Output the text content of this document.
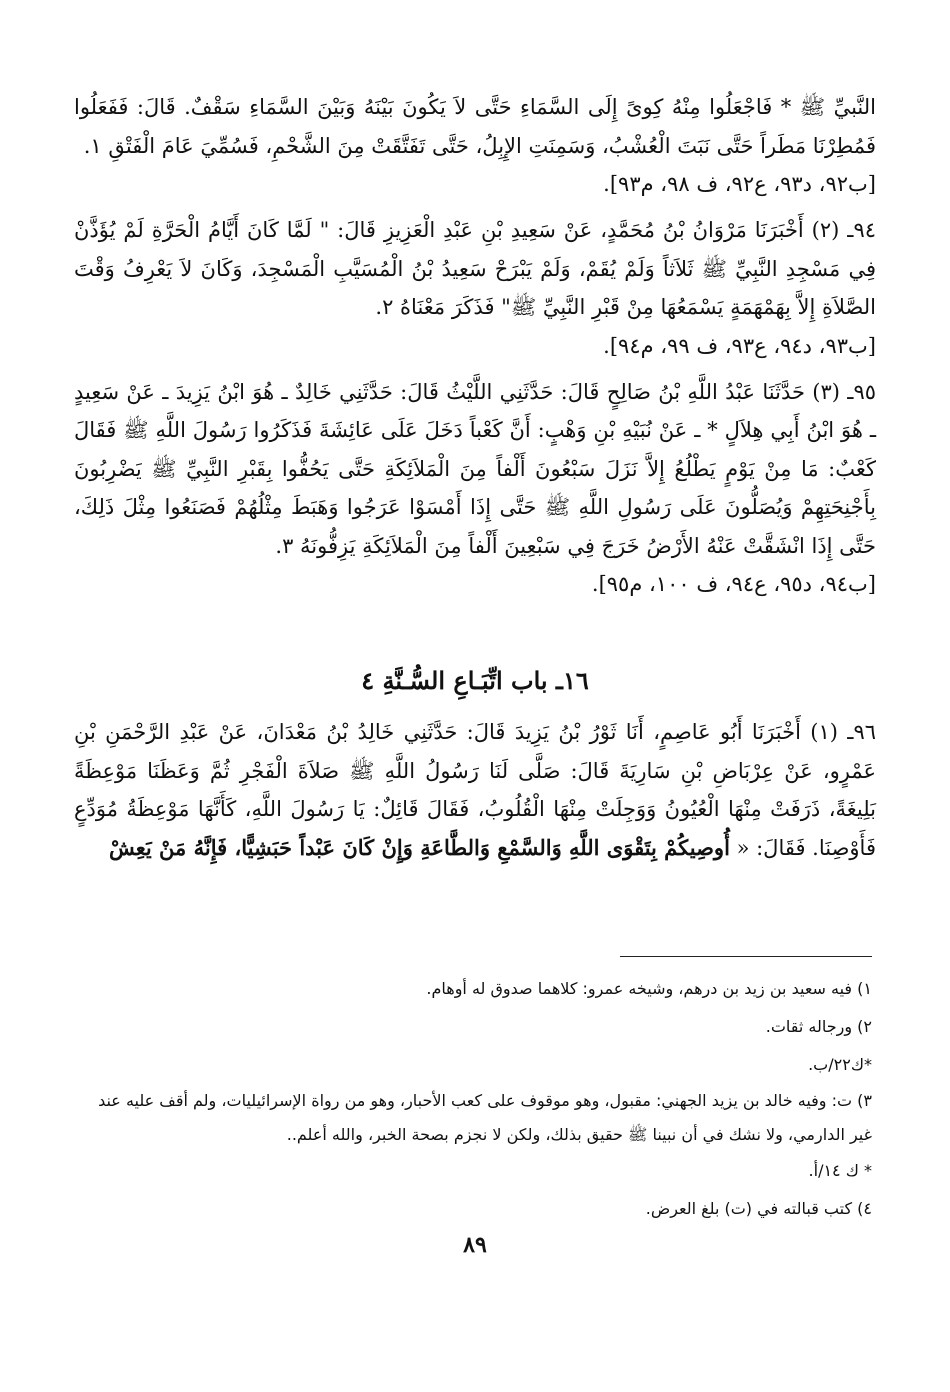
النَّبيِّ ﷺ * فَاجْعَلُوا مِنْهُ كِوىً إِلَى السَّمَاءِ حَتَّى لاَ يَكُونَ بَيْنَهُ وَبَيْنَ السَّمَاءِ سَقْفٌ. قَالَ: فَفَعَلُوا فَمُطِرْنَا مَطَراً حَتَّى نَبَتَ الْعُشْبُ، وَسَمِنَتِ الإِبِلُ، حَتَّى تَفَتَّقَتْ مِنَ الشَّحْمِ، فَسُمِّيَ عَامَ الْفَتْقِ ١.

[ب٩٢، د٩٣، ع٩٢، ف ٩٨، م٩٣].

٩٤ـ (٢) أَخْبَرَنَا مَرْوَانُ بْنُ مُحَمَّدٍ، عَنْ سَعِيدِ بْنِ عَبْدِ الْعَزِيزِ قَالَ: " لَمَّا كَانَ أَيَّامُ الْحَرَّةِ لَمْ يُؤَذَّنْ فِي مَسْجِدِ النَّبِيِّ ﷺ ثَلاَثاً وَلَمْ يُقَمْ، وَلَمْ يَبْرَحْ سَعِيدُ بْنُ الْمُسَيَّبِ الْمَسْجِدَ، وَكَانَ لاَ يَعْرِفُ وَقْتَ الصَّلاَةِ إِلاَّ بِهَمْهَمَةٍ يَسْمَعُهَا مِنْ قَبْرِ النَّبِيِّ ﷺ" فَذَكَرَ مَعْنَاهُ ٢.

[ب٩٣، د٩٤، ع٩٣، ف ٩٩، م٩٤].

٩٥ـ (٣) حَدَّثَنَا عَبْدُ اللَّهِ بْنُ صَالِحٍ قَالَ: حَدَّثَنِي اللَّيْثُ قَالَ: حَدَّثَنِي خَالِدٌ ـ هُوَ ابْنُ يَزِيدَ ـ عَنْ سَعِيدٍ ـ هُوَ ابْنُ أَبِي هِلاَلٍ * ـ عَنْ نُبَيْهِ بْنِ وَهْبٍ: أَنَّ كَعْباً دَخَلَ عَلَى عَائِشَةَ فَذَكَرُوا رَسُولَ اللَّهِ ﷺ فَقَالَ كَعْبٌ: مَا مِنْ يَوْمٍ يَطْلُعُ إِلاَّ نَزَلَ سَبْعُونَ أَلْفاً مِنَ الْمَلاَئِكَةِ حَتَّى يَحُفُّوا بِقَبْرِ النَّبِيِّ ﷺ يَضْرِبُونَ بِأَجْنِحَتِهِمْ وَيُصَلُّونَ عَلَى رَسُولِ اللَّهِ ﷺ حَتَّى إِذَا أَمْسَوْا عَرَجُوا وَهَبَطَ مِثْلُهُمْ فَصَنَعُوا مِثْلَ ذَلِكَ، حَتَّى إِذَا انْشَقَّتْ عَنْهُ الأَرْضُ خَرَجَ فِي سَبْعِينَ أَلْفاً مِنَ الْمَلاَئِكَةِ يَزِفُّونَهُ ٣.

[ب٩٤، د٩٥، ع٩٤، ف ١٠٠، م٩٥].

١٦ـ باب اتِّبَـاعِ السُّـنَّةِ ٤

٩٦ـ (١) أَخْبَرَنَا أَبُو عَاصِمٍ، أَنَا ثَوْرُ بْنُ يَزِيدَ قَالَ: حَدَّثَنِي خَالِدُ بْنُ مَعْدَانَ، عَنْ عَبْدِ الرَّحْمَنِ بْنِ عَمْرٍو، عَنْ عِرْبَاضِ بْنِ سَارِيَةَ قَالَ: صَلَّى لَنَا رَسُولُ اللَّهِ ﷺ صَلاَةَ الْفَجْرِ ثُمَّ وَعَظَنَا مَوْعِظَةً بَلِيغَةً، ذَرَفَتْ مِنْهَا الْعُيُونُ وَوَجِلَتْ مِنْهَا الْقُلُوبُ، فَقَالَ قَائِلٌ: يَا رَسُولَ اللَّهِ، كَأَنَّهَا مَوْعِظَةُ مُوَدِّعٍ فَأَوْصِنَا. فَقَالَ: « أُوصِيكُمْ بِتَقْوَى اللَّهِ وَالسَّمْعِ وَالطَّاعَةِ وَإِنْ كَانَ عَبْداً حَبَشِيًّا، فَإِنَّهُ مَنْ يَعِشْ

١) فيه سعيد بن زيد بن درهم، وشيخه عمرو: كلاهما صدوق له أوهام.

٢) ورجاله ثقات.

*ك٢٢/ب.

٣) ت: وفيه خالد بن يزيد الجهني: مقبول، وهو موقوف على كعب الأحبار، وهو من رواة الإسرائيليات، ولم أقف عليه عند غير الدارمي، ولا نشك في أن نبينا ﷺ حقيق بذلك، ولكن لا نجزم بصحة الخبر، والله أعلم..

* ك ١٤/أ.

٤) كتب قبالته في (ت) بلغ العرض.

٨٩
